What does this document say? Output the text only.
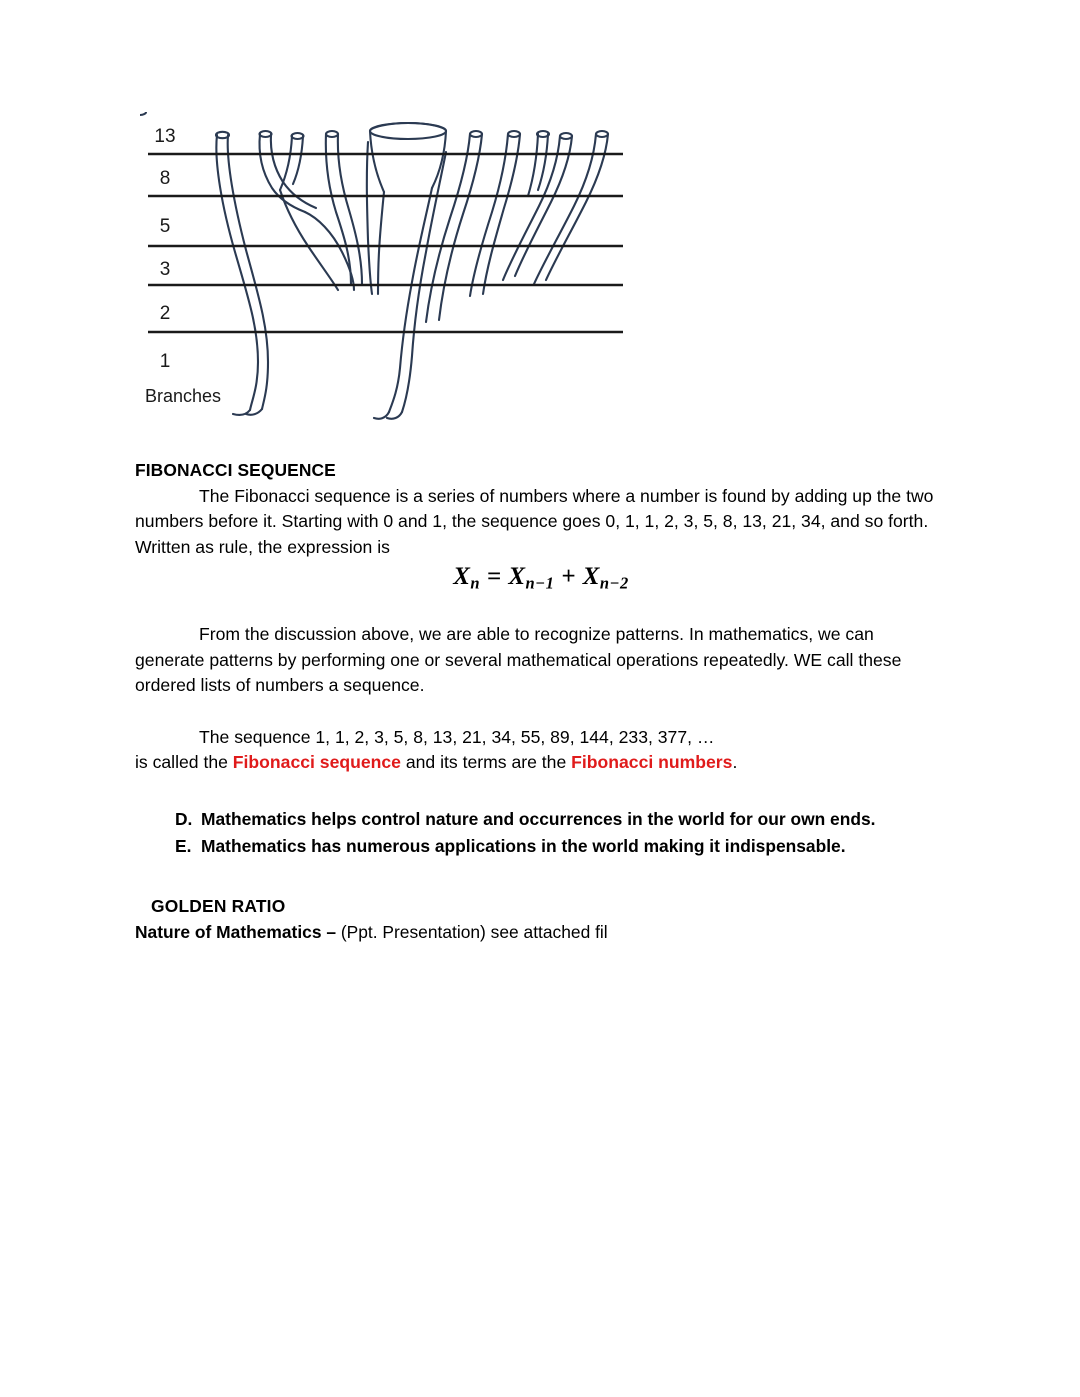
13
8
5
3
2
1
Branches

FIBONACCI SEQUENCE

The Fibonacci sequence is a series of numbers where a number is found by adding up the two numbers before it. Starting with 0 and 1, the sequence goes 0, 1, 1, 2, 3, 5, 8, 13, 21, 34, and so forth. Written as rule, the expression is

$X_n = X_{n-1} + X_{n-2}$

From the discussion above, we are able to recognize patterns. In mathematics, we can generate patterns by performing one or several mathematical operations repeatedly. WE call these ordered lists of numbers a sequence.

The sequence 1, 1, 2, 3, 5, 8, 13, 21, 34, 55, 89, 144, 233, 377, …

is called the Fibonacci sequence and its terms are the Fibonacci numbers.

D. Mathematics helps control nature and occurrences in the world for our own ends.
E. Mathematics has numerous applications in the world making it indispensable.

GOLDEN RATIO

Nature of Mathematics – (Ppt. Presentation) see attached fil
